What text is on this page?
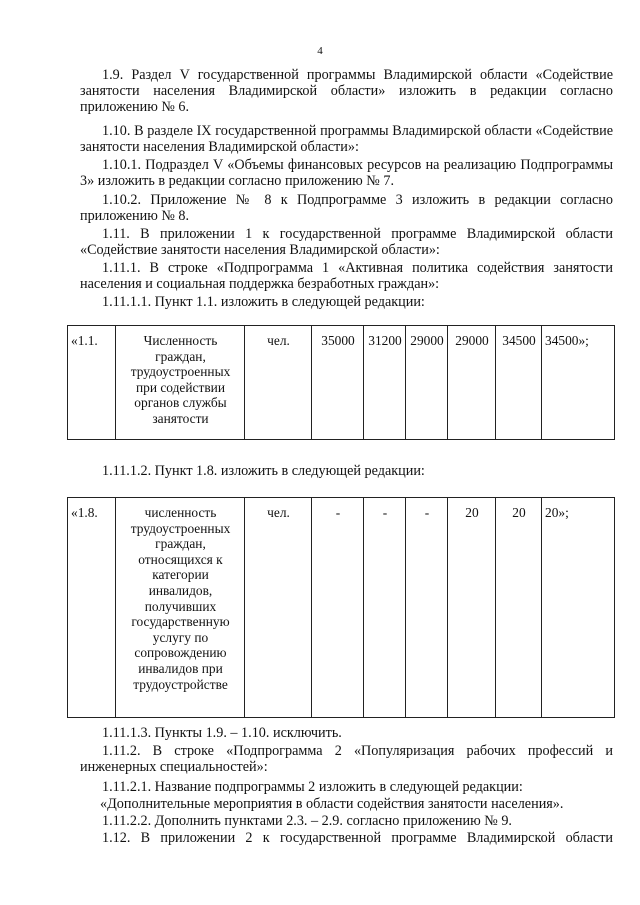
4

1.9. Раздел V государственной программы Владимирской области «Содействие занятости населения Владимирской области» изложить в редакции согласно приложению № 6.

1.10. В разделе IX государственной программы Владимирской области «Содействие занятости населения Владимирской области»:

1.10.1. Подраздел V «Объемы финансовых ресурсов на реализацию Подпрограммы 3» изложить в редакции согласно приложению № 7.

1.10.2. Приложение № 8 к Подпрограмме 3 изложить в редакции согласно приложению № 8.

1.11. В приложении 1 к государственной программе Владимирской области «Содействие занятости населения Владимирской области»:

1.11.1. В строке «Подпрограмма 1 «Активная политика содействия занятости населения и социальная поддержка безработных граждан»:

1.11.1.1. Пункт 1.1. изложить в следующей редакции:

«1.1.	Численность граждан, трудоустроенных при содействии органов службы занятости	чел.	35000	31200	29000	29000	34500	34500»;

1.11.1.2. Пункт 1.8. изложить в следующей редакции:

«1.8.	численность трудоустроенных граждан, относящихся к категории инвалидов, получивших государственную услугу по сопровождению инвалидов при трудоустройстве	чел.	-	-	-	20	20	20»;

1.11.1.3. Пункты 1.9. – 1.10. исключить.

1.11.2. В строке «Подпрограмма 2 «Популяризация рабочих профессий и инженерных специальностей»:

1.11.2.1. Название подпрограммы 2 изложить в следующей редакции:

«Дополнительные мероприятия в области содействия занятости населения».

1.11.2.2. Дополнить пунктами 2.3. – 2.9. согласно приложению № 9.

1.12. В приложении 2 к государственной программе Владимирской области
